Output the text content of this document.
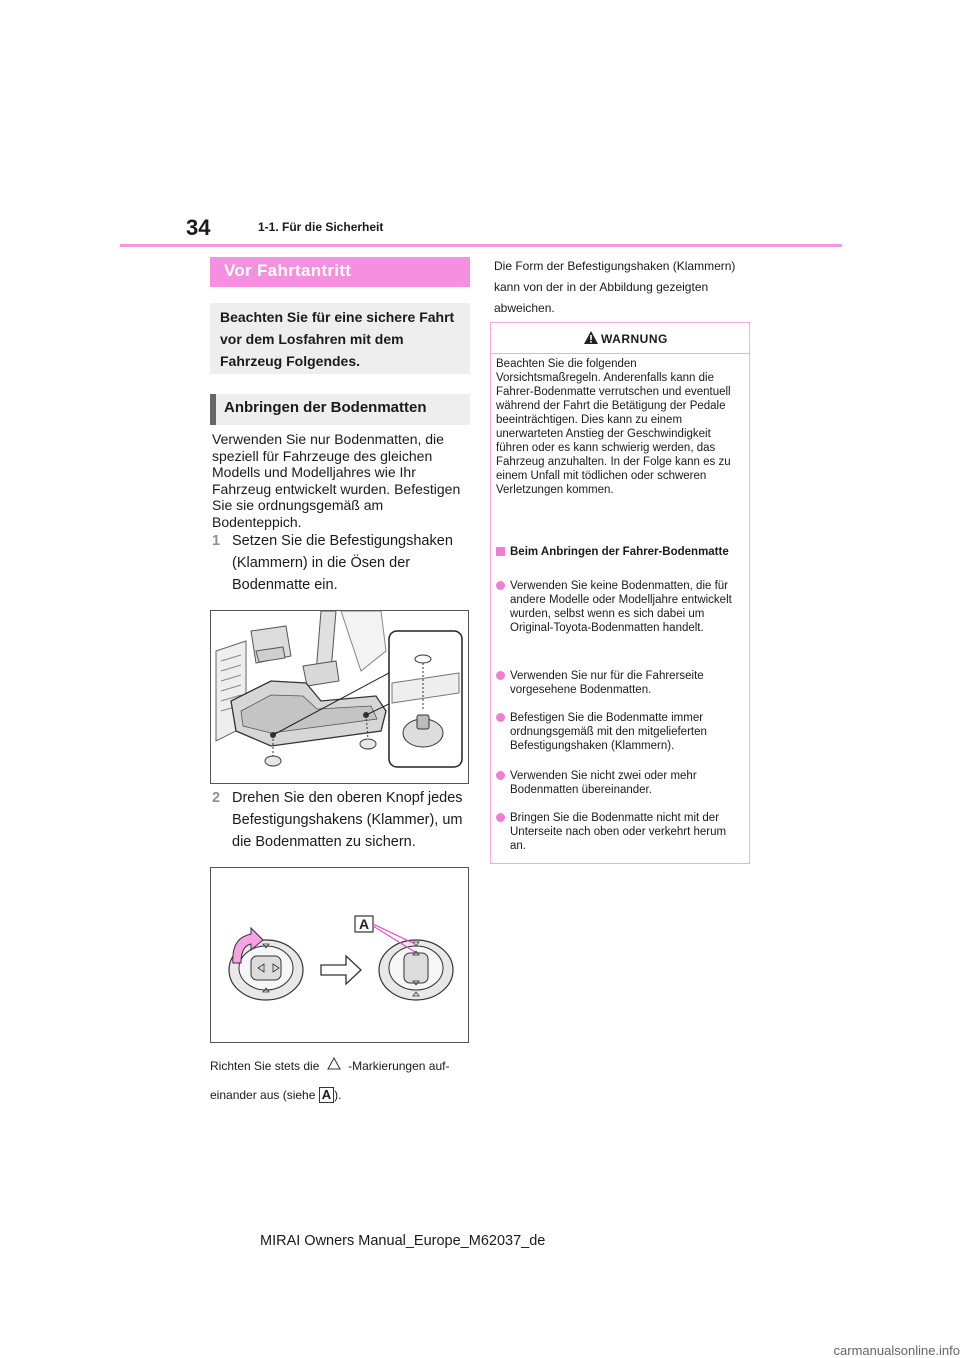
34	1-1. Für die Sicherheit
Vor Fahrtantritt
Beachten Sie für eine sichere Fahrt vor dem Losfahren mit dem Fahrzeug Folgendes.
Anbringen der Bodenmatten
Verwenden Sie nur Bodenmatten, die speziell für Fahrzeuge des gleichen Modells und Modelljahres wie Ihr Fahrzeug entwickelt wurden. Befestigen Sie sie ordnungsgemäß am Bodenteppich.
1 Setzen Sie die Befestigungshaken (Klammern) in die Ösen der Bodenmatte ein.
2 Drehen Sie den oberen Knopf jedes Befestigungshakens (Klammer), um die Bodenmatten zu sichern.
A
Richten Sie stets die -Markierungen auf-
einander aus (siehe A ).
Die Form der Befestigungshaken (Klammern) kann von der in der Abbildung gezeigten abweichen.
WARNUNG
Beachten Sie die folgenden Vorsichtsmaßregeln. Anderenfalls kann die Fahrer-Bodenmatte verrutschen und eventuell während der Fahrt die Betätigung der Pedale beeinträchtigen. Dies kann zu einem unerwarteten Anstieg der Geschwindigkeit führen oder es kann schwierig werden, das Fahrzeug anzuhalten. In der Folge kann es zu einem Unfall mit tödlichen oder schweren Verletzungen kommen.
Beim Anbringen der Fahrer-Bodenmatte
Verwenden Sie keine Bodenmatten, die für andere Modelle oder Modelljahre entwickelt wurden, selbst wenn es sich dabei um Original-Toyota-Bodenmatten handelt.
Verwenden Sie nur für die Fahrerseite vorgesehene Bodenmatten.
Befestigen Sie die Bodenmatte immer ordnungsgemäß mit den mitgelieferten Befestigungshaken (Klammern).
Verwenden Sie nicht zwei oder mehr Bodenmatten übereinander.
Bringen Sie die Bodenmatte nicht mit der Unterseite nach oben oder verkehrt herum an.
MIRAI Owners Manual_Europe_M62037_de
carmanualsonline.info
